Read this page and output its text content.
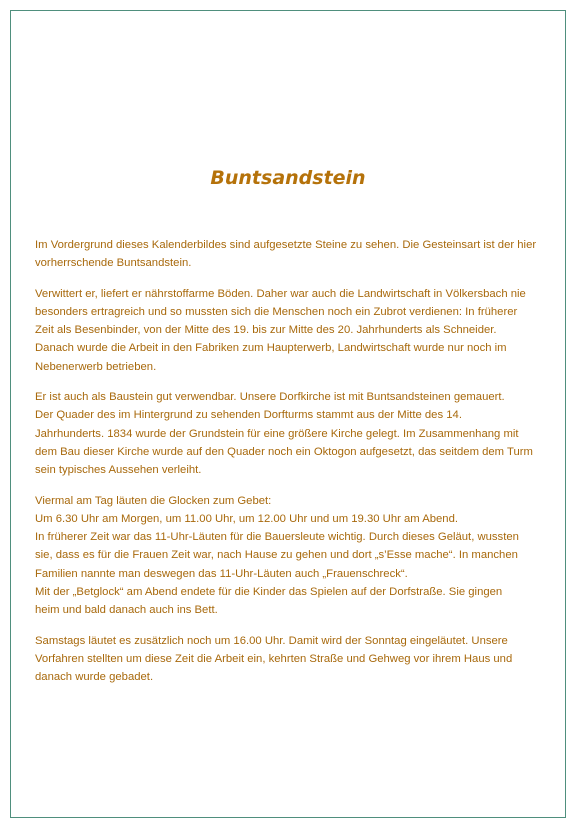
Buntsandstein

Im Vordergrund dieses Kalenderbildes sind aufgesetzte Steine zu sehen. Die Gesteinsart ist der hier
vorherrschende Buntsandstein.

Verwittert er, liefert er nährstoffarme Böden. Daher war auch die Landwirtschaft in Völkersbach nie
besonders ertragreich und so mussten sich die Menschen noch ein Zubrot verdienen: In früherer
Zeit als Besenbinder, von der Mitte des 19. bis zur Mitte des 20. Jahrhunderts als Schneider.
Danach wurde die Arbeit in den Fabriken zum Haupterwerb, Landwirtschaft wurde nur noch im
Nebenerwerb betrieben.

Er ist auch als Baustein gut verwendbar. Unsere Dorfkirche ist mit Buntsandsteinen gemauert.
Der Quader des im Hintergrund zu sehenden Dorfturms stammt aus der Mitte des 14.
Jahrhunderts. 1834 wurde der Grundstein für eine größere Kirche gelegt. Im Zusammenhang mit
dem Bau dieser Kirche wurde auf den Quader noch ein Oktogon aufgesetzt, das seitdem dem Turm
sein typisches Aussehen verleiht.

Viermal am Tag läuten die Glocken zum Gebet:
Um 6.30 Uhr am Morgen, um 11.00 Uhr, um 12.00 Uhr und um 19.30 Uhr am Abend.
In früherer Zeit war das 11-Uhr-Läuten für die Bauersleute wichtig. Durch dieses Geläut, wussten
sie, dass es für die Frauen Zeit war, nach Hause zu gehen und dort „s’Esse mache“. In manchen
Familien nannte man deswegen das 11-Uhr-Läuten auch „Frauenschreck“.
Mit der „Betglock“ am Abend endete für die Kinder das Spielen auf der Dorfstraße. Sie gingen
heim und bald danach auch ins Bett.

Samstags läutet es zusätzlich noch um 16.00 Uhr. Damit wird der Sonntag eingeläutet. Unsere
Vorfahren stellten um diese Zeit die Arbeit ein, kehrten Straße und Gehweg vor ihrem Haus und
danach wurde gebadet.
